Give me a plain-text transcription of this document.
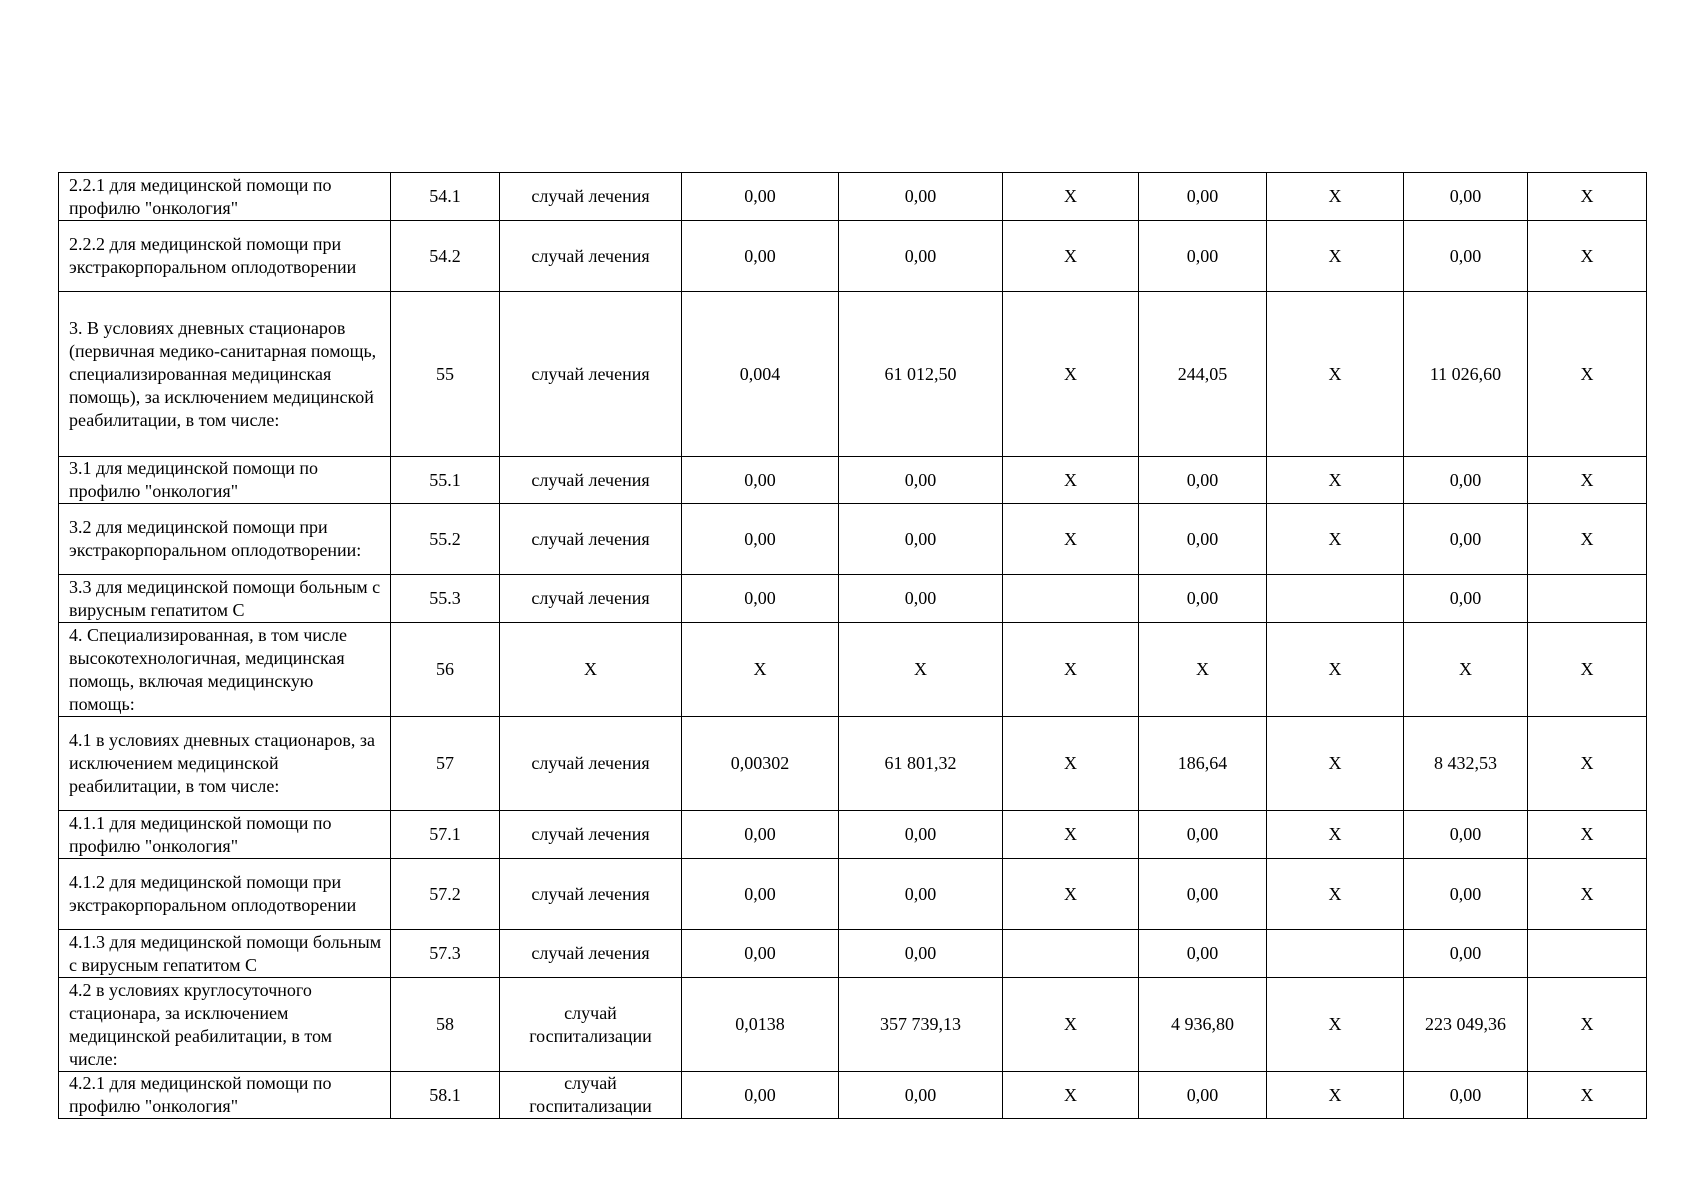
2.2.1 для медицинской помощи по профилю "онкология"	54.1	случай лечения	0,00	0,00	X	0,00	X	0,00	X
2.2.2 для медицинской помощи при экстракорпоральном оплодотворении	54.2	случай лечения	0,00	0,00	X	0,00	X	0,00	X
3. В условиях дневных стационаров (первичная медико-санитарная помощь, специализированная медицинская помощь), за исключением медицинской реабилитации, в том числе:	55	случай лечения	0,004	61 012,50	X	244,05	X	11 026,60	X
3.1 для медицинской помощи по профилю "онкология"	55.1	случай лечения	0,00	0,00	X	0,00	X	0,00	X
3.2 для медицинской помощи при экстракорпоральном оплодотворении:	55.2	случай лечения	0,00	0,00	X	0,00	X	0,00	X
3.3 для медицинской помощи больным с вирусным гепатитом С	55.3	случай лечения	0,00	0,00		0,00		0,00	
4. Специализированная, в том числе высокотехнологичная, медицинская помощь, включая медицинскую помощь:	56	X	X	X	X	X	X	X	X
4.1 в условиях дневных стационаров, за исключением медицинской реабилитации, в том числе:	57	случай лечения	0,00302	61 801,32	X	186,64	X	8 432,53	X
4.1.1 для медицинской помощи по профилю "онкология"	57.1	случай лечения	0,00	0,00	X	0,00	X	0,00	X
4.1.2 для медицинской помощи при экстракорпоральном оплодотворении	57.2	случай лечения	0,00	0,00	X	0,00	X	0,00	X
4.1.3 для медицинской помощи больным с вирусным гепатитом С	57.3	случай лечения	0,00	0,00		0,00		0,00	
4.2 в условиях круглосуточного стационара, за исключением медицинской реабилитации, в том числе:	58	случай госпитализации	0,0138	357 739,13	X	4 936,80	X	223 049,36	X
4.2.1 для медицинской помощи по профилю "онкология"	58.1	случай госпитализации	0,00	0,00	X	0,00	X	0,00	X
